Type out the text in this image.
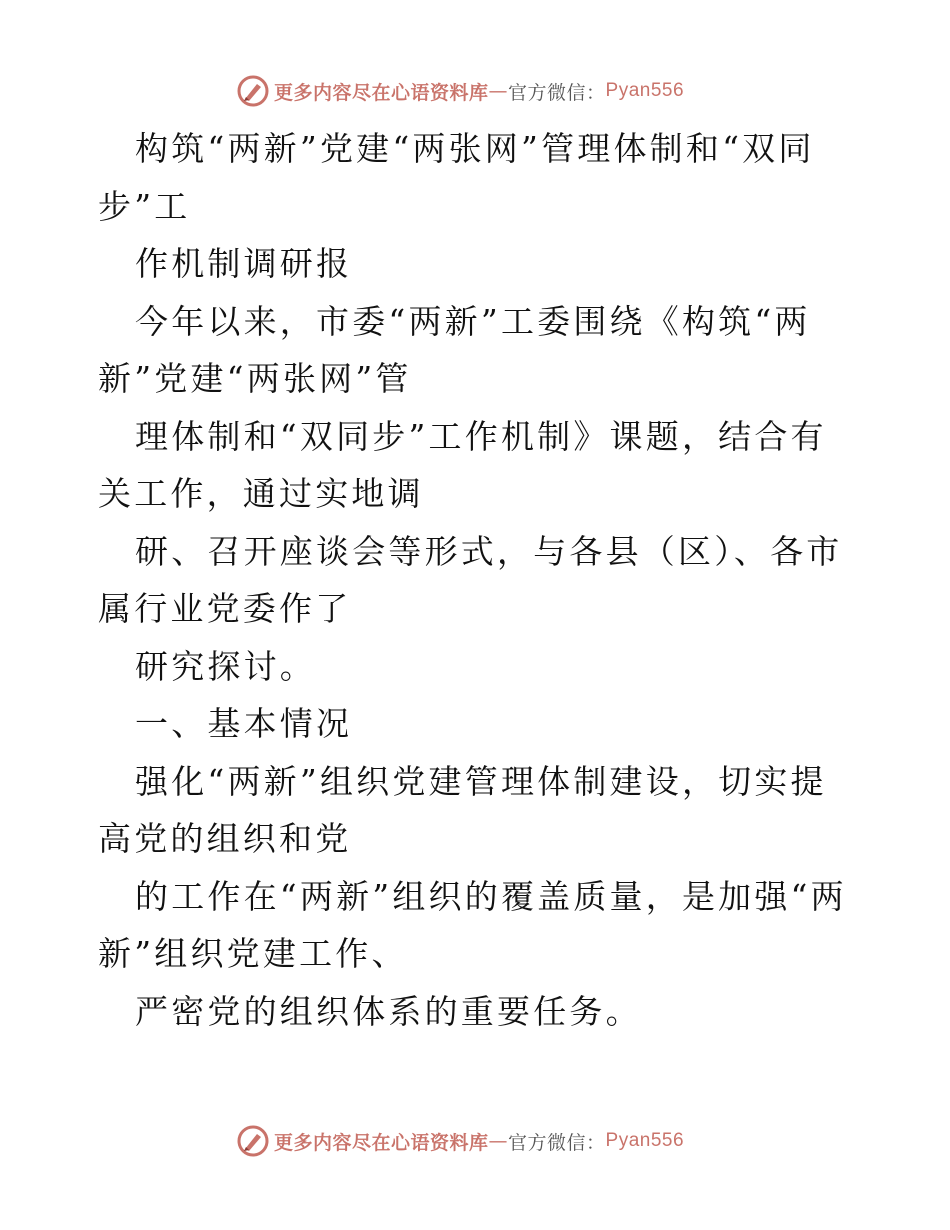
更多内容尽在心语资料库 — 官方微信： Pyan556

构筑“两新”党建“两张网”管理体制和“双同步”工

作机制调研报

今年以来，市委“两新”工委围绕《构筑“两新”党建“两张网”管

理体制和“双同步”工作机制》课题，结合有关工作，通过实地调

研、召开座谈会等形式，与各县（区）、各市属行业党委作了

研究探讨。

一、基本情况

强化“两新”组织党建管理体制建设，切实提高党的组织和党

的工作在“两新”组织的覆盖质量，是加强“两新”组织党建工作、

严密党的组织体系的重要任务。

更多内容尽在心语资料库 — 官方微信： Pyan556
